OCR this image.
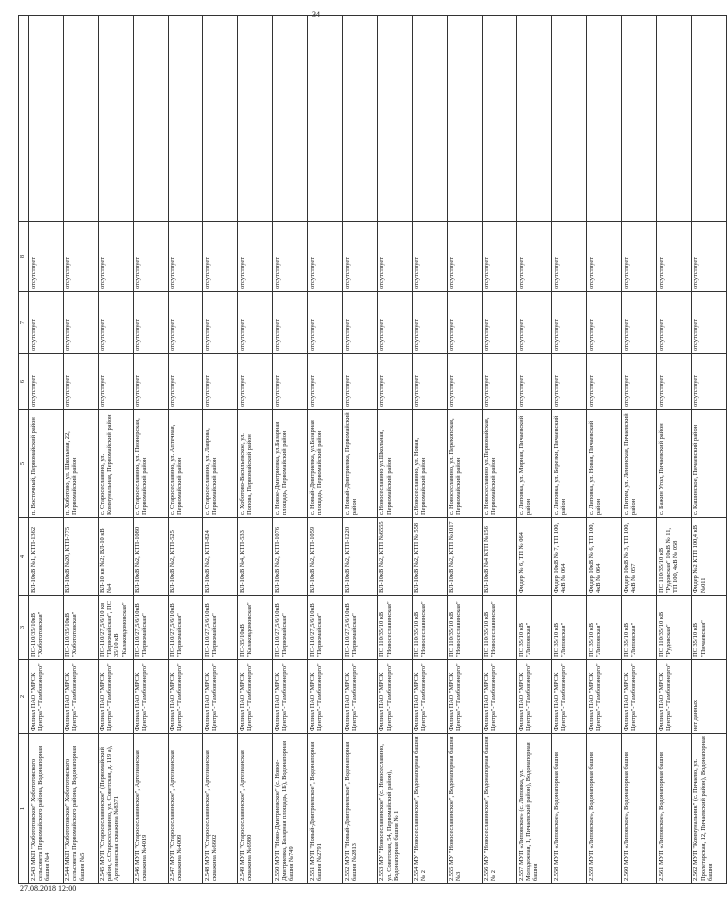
34
1	2	3	4	5	6	7	8	
2.543 МКП "Хобототовское" Хобототовского сельсовета Первомайского района, Водонапорная башня №4	Филиал ПАО "МРСК Центра"-"Тамбовэнерго"	ПС-110/35/10кВ "Хобототовская"	ВЛ-10кВ №1, КТП-1362	п. Восточный, Первомайский район	отсутствует	отсутствует	отсутствует	
2.544 МКП "Хобототовское" Хобототовского сельсовета Первомайского района, Водонапорная башня №5	Филиал ПАО "МРСК Центра"-"Тамбовэнерго"	ПС-110/35/10кВ "Хобототовская"	ВЛ-10кВ №20, КТП-775	п. Хоботово, ул. Школьная, 22, Первомайский район	отсутствует	отсутствует	отсутствует	
2.545 МУП "Старосеславинское" (Первомайский район, с.Старосеславино, ул. Советская, д. 119 а), Артезианская скважина №8371	Филиал ПАО "МРСК Центра"-"Тамбовэнерго"	ПС-110/27,5/6/10 кв "Первомайская", ПС 35/10 кВ "Казаковдомовская"	ВЛ-10 кв №2; ВЛ-10 кВ №4	с. Старосеславино, ул. Коммунальная, Первомайский район	отсутствует	отсутствует	отсутствует	
2.546 МУП "Старосеславинское", Артезианская скважина №4019	Филиал ПАО "МРСК Центра"-"Тамбовэнерго"	ПС-110/27,5/6/10кВ "Первомайская"	ВЛ-10кВ №2, КТП-1080	с. Старосеславино, ул. Пионерская, Первомайский район	отсутствует	отсутствует	отсутствует	
2.547 МУП "Старосеславинское", Артезианская скважина №4009	Филиал ПАО "МРСК Центра"-"Тамбовэнерго"	ПС-110/27,5/6/10кВ "Первомайская"	ВЛ-10кВ №2, КТП-525	с. Старосеславино, ул. Аптечная, Первомайский район	отсутствует	отсутствует	отсутствует	
2.548 МУП "Старосеславинское", Артезианская скважина №6602	Филиал ПАО "МРСК Центра"-"Тамбовэнерго"	ПС-110/27,5/6/10кВ "Первомайская"	ВЛ-10кВ №2, КТП-824	с. Старосеславино, ул. Лаврова, Первомайский район	отсутствует	отсутствует	отсутствует	
2.549 МУП "Старосеславинское", Артезианская скважина №6980	Филиал ПАО "МРСК Центра"-"Тамбовэнерго"	ПС-35/10кВ "Казаковдомовская"	ВЛ-10кВ №4, КТП-533	с. Хоботово-Васильевское, ул. Попова, Первомайский район	отсутствует	отсутствует	отсутствует	
2.550 МУП "Ново-Дмитриевское" (с. Новое-Дмитриевка, Базарная площадь, 1Б), Водонапорная башня №749	Филиал ПАО "МРСК Центра"-"Тамбовэнерго"	ПС-110/27,5/6/10кВ "Первомайская"	ВЛ-10кВ №2, КТП-1076	с. Новое-Дмитриевка, ул.Базарная площадь, Первомайский район	отсутствует	отсутствует	отсутствует	
2.551 МУП "Новый-Дмитриевское", Водонапорная башня №2791	Филиал ПАО "МРСК Центра"-"Тамбовэнерго"	ПС-110/27,5/6/10кВ "Первомайская"	ВЛ-10кВ №2, КТП-1059	с. Новый-Дмитриевка, ул.Базарная площадь, Первомайский район	отсутствует	отсутствует	отсутствует	
2.552 МУП "Новый-Дмитриевское", Водонапорная башня №2813	Филиал ПАО "МРСК Центра"-"Тамбовэнерго"	ПС-110/27,5/6/10кВ "Первомайская"	ВЛ-10кВ №2, КТП-1220	с. Новый-Дмитриевка, Первомайский район	отсутствует	отсутствует	отсутствует	
2.553 МУ "Новосеславинское" (с. Новосеславино, ул. Советская, 54, Первомайский район), Водонапорная башня № 1	Филиал ПАО "МРСК Центра"-"Тамбовэнерго"	ПС 110/35/10 кВ "Новосеславинская"	ВЛ-10кВ №2, КТП №6555	с.Новосеславино ул.Школьная, Первомайский район	отсутствует	отсутствует	отсутствует	
2.554 МУ "Новосеславинское", Водонапорная башня № 2	Филиал ПАО "МРСК Центра"-"Тамбовэнерго"	ПС 110/35/10 кВ "Новосеславинская"	ВЛ-10кВ №2, КТП № 558	с.Новосеславино, ул. Новая, Первомайский район	отсутствует	отсутствует	отсутствует	
2.555 МУ "Новосеславинское", Водонапорная башня №3	Филиал ПАО "МРСК Центра"-"Тамбовэнерго"	ПС 110/35/10 кВ "Новосеславинская"	ВЛ-10кВ №2, КТП №1017	с. Новосеславино, ул. Перекопская, Первомайский район	отсутствует	отсутствует	отсутствует	
2.556 МУ "Новосеславинское", Водонапорная башня № 2	Филиал ПАО "МРСК Центра"-"Тамбовэнерго"	ПС 110/35/10 кВ "Новосеславинская"	ВЛ-10кВ №4 КТП №156	с. Новосеславино ул.Первомайская, Первомайский район	отсутствует	отсутствует	отсутствует	
2.557 МУП «Липовское» (с. Липовка, ул. Молодежная, 1, Пичаевский район), Водонапорная башня	Филиал ПАО "МРСК Центра"-"Тамбовэнерго"	ПС 35/10 кВ "Липовская"	Фидер № 6, ТП № 064	с. Липовка, ул. Мирная, Пичаевский район	отсутствует	отсутствует	отсутствует	
2.558 МУП «Липовское», Водонапорная башня	Филиал ПАО "МРСК Центра"-"Тамбовэнерго"	ПС 35/10 кВ "Липовская"	Фидер 10кВ № 7, ТП 100, 4кВ № 064	с. Липовка, ул. Березки, Пичаевский район	отсутствует	отсутствует	отсутствует	
2.559 МУП «Липовское», Водонапорная башня	Филиал ПАО "МРСК Центра"-"Тамбовэнерго"	ПС 35/10 кВ "Липовская"	Фидер 10кВ № 6, ТП 100, 4кВ № 064	с. Липовка, ул. Новая, Пичаевский район	отсутствует	отсутствует	отсутствует	
2.560 МУП «Липовское», Водонапорная башня	Филиал ПАО "МРСК Центра"-"Тамбовэнерго"	ПС 35/10 кВ "Липовская"	Фидер 10кВ № 3, ТП 100, 4кВ № 057	с. Питим, ул. Ленинская, Пичаевский район	отсутствует	отсутствует	отсутствует	
2.561 МУП «Липовское», Водонапорная башня	Филиал ПАО "МРСК Центра"-"Тамбовэнерго"	ПС 110/35/10 кВ "Рудовская"	ПС 110/35/10 кВ "Рудовская" 10кВ № 11, ТП 100, 4кВ № 058	с. Бажин Угол, Пичаевский район	отсутствует	отсутствует	отсутствует	
2.562 МУП "Коммунальник" (с. Пичаево, ул. Пролетарская, 12, Пичаевский район), Водонапорная башня	нет данных	ПС 35/10 кВ "Пичаевская"	Фидер №2 КТП 100,4 кВ №011	с. Кашинское, Пичаевский район	отсутствует	отсутствует	отсутствует	
27.08.2018 12:00
